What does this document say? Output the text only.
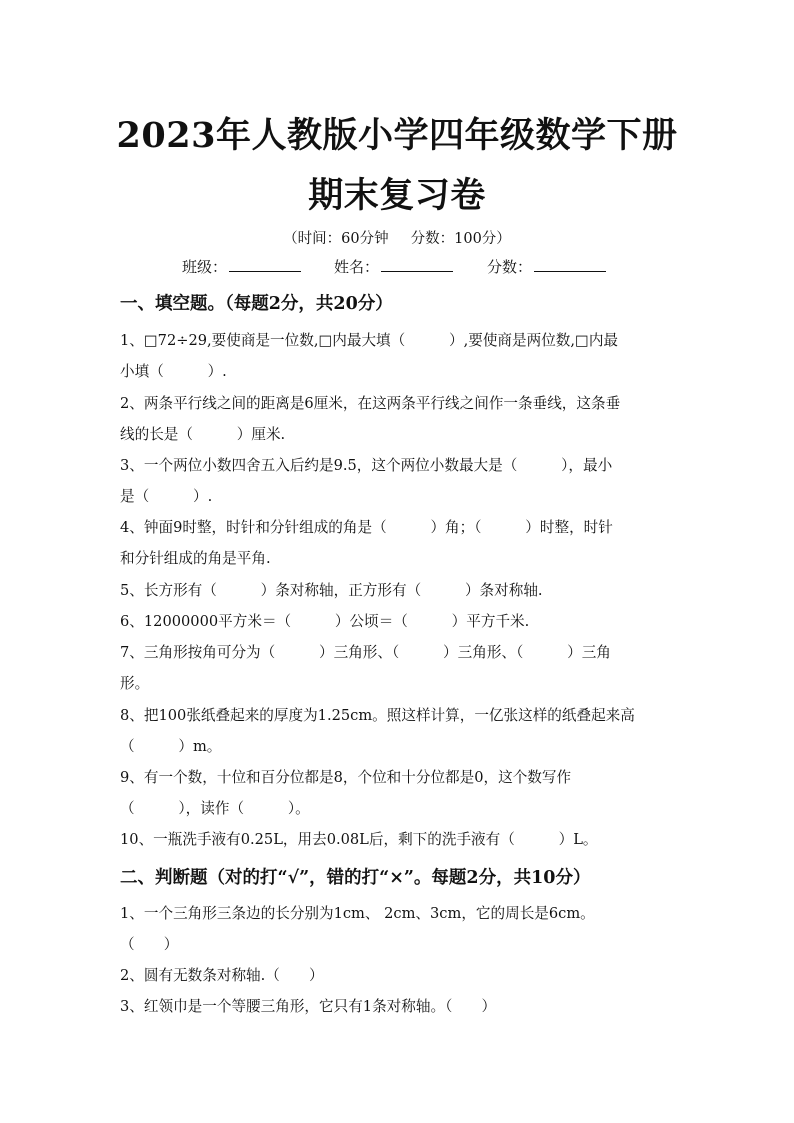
2023年人教版小学四年级数学下册
期末复习卷
（时间：60分钟 分数：100分）
班级：	姓名：	分数：
一、填空题。（每题2分，共20分）
1、□72÷29,要使商是一位数,□内最大填（　　　）,要使商是两位数,□内最
小填（　　　）.
2、两条平行线之间的距离是6厘米，在这两条平行线之间作一条垂线，这条垂
线的长是（　　　）厘米.
3、一个两位小数四舍五入后约是9.5，这个两位小数最大是（　　　），最小
是（　　　）.
4、钟面9时整，时针和分针组成的角是（　　　）角；（　　　）时整，时针
和分针组成的角是平角.
5、长方形有（　　　）条对称轴，正方形有（　　　）条对称轴.
6、12000000平方米＝（　　　）公顷＝（　　　）平方千米.
7、三角形按角可分为（　　　）三角形、（　　　）三角形、（　　　）三角
形。
8、把100张纸叠起来的厚度为1.25cm。照这样计算，一亿张这样的纸叠起来高
（　　　）m。
9、有一个数，十位和百分位都是8，个位和十分位都是0，这个数写作
（　　　），读作（　　　）。
10、一瓶洗手液有0.25L，用去0.08L后，剩下的洗手液有（　　　）L。
二、判断题（对的打“√”，错的打“×”。每题2分，共10分）
1、一个三角形三条边的长分别为1cm、 2cm、3cm，它的周长是6cm。
（　　）
2、圆有无数条对称轴.（　　）
3、红领巾是一个等腰三角形，它只有1条对称轴。（　　）
